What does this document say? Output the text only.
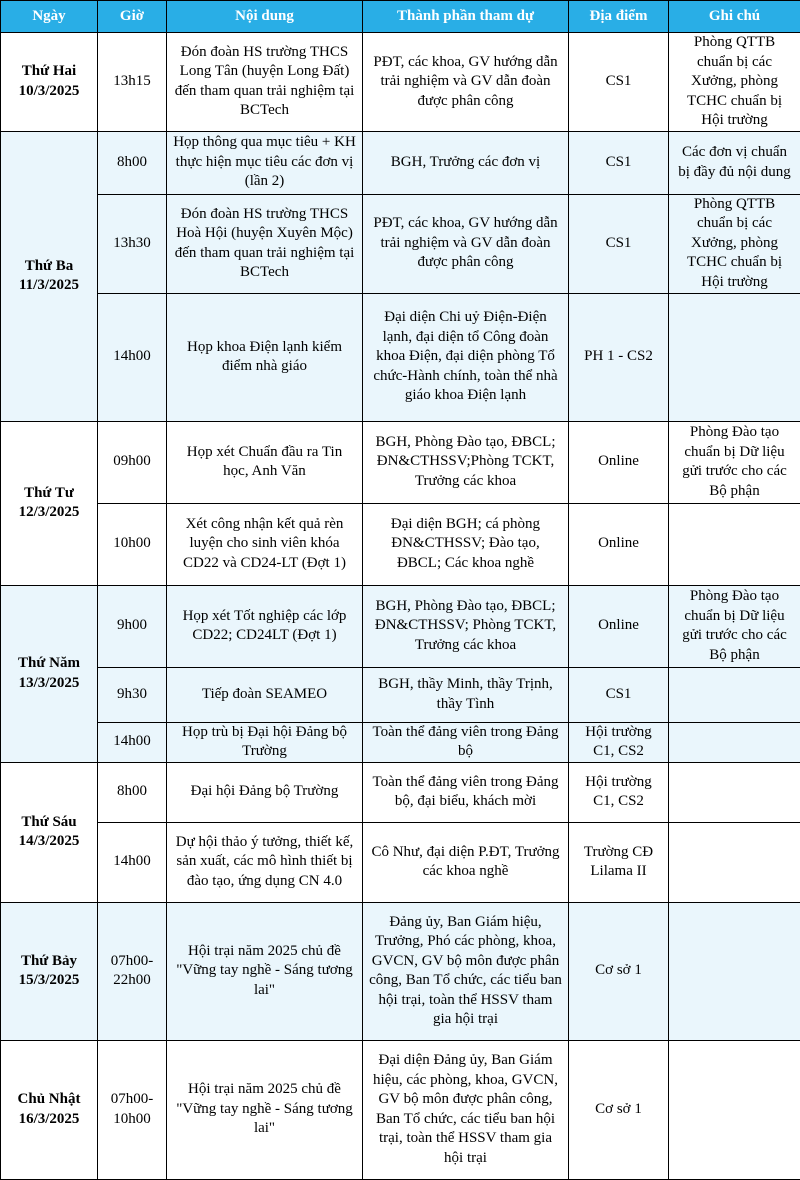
Ngày	Giờ	Nội dung	Thành phần tham dự	Địa điểm	Ghi chú
Thứ Hai
10/3/2025	13h15	Đón đoàn HS trường THCS Long Tân (huyện Long Đất) đến tham quan trải nghiệm tại BCTech	PĐT, các khoa, GV hướng dẫn trải nghiệm và GV dẫn đoàn được phân công	CS1	Phòng QTTB chuẩn bị các Xưởng, phòng TCHC chuẩn bị Hội trường
Thứ Ba
11/3/2025	8h00	Họp thông qua mục tiêu + KH thực hiện mục tiêu các đơn vị (lần 2)	BGH, Trưởng các đơn vị	CS1	Các đơn vị chuẩn bị đầy đủ nội dung
	13h30	Đón đoàn HS trường THCS Hoà Hội (huyện Xuyên Mộc) đến tham quan trải nghiệm tại BCTech	PĐT, các khoa, GV hướng dẫn trải nghiệm và GV dẫn đoàn được phân công	CS1	Phòng QTTB chuẩn bị các Xưởng, phòng TCHC chuẩn bị Hội trường
	14h00	Họp khoa Điện lạnh kiểm điểm nhà giáo	Đại diện Chi uỷ Điện-Điện lạnh, đại diện tổ Công đoàn khoa Điện, đại diện phòng Tổ chức-Hành chính, toàn thể nhà giáo khoa Điện lạnh	PH 1 - CS2	
Thứ Tư
12/3/2025	09h00	Họp xét Chuẩn đầu ra Tin học, Anh Văn	BGH, Phòng Đào tạo, ĐBCL; ĐN&CTHSSV;Phòng TCKT, Trưởng các khoa	Online	Phòng Đào tạo chuẩn bị Dữ liệu gửi trước cho các Bộ phận
	10h00	Xét công nhận kết quả rèn luyện cho sinh viên khóa CD22 và CD24-LT (Đợt 1)	Đại diện BGH; cá phòng ĐN&CTHSSV; Đào tạo, ĐBCL; Các khoa nghề	Online	
Thứ Năm
13/3/2025	9h00	Họp xét Tốt nghiệp các lớp CD22; CD24LT (Đợt 1)	BGH, Phòng Đào tạo, ĐBCL; ĐN&CTHSSV; Phòng TCKT, Trưởng các khoa	Online	Phòng Đào tạo chuẩn bị Dữ liệu gửi trước cho các Bộ phận
	9h30	Tiếp đoàn SEAMEO	BGH, thầy Minh, thầy Trịnh, thầy Tình	CS1	
	14h00	Họp trù bị Đại hội Đảng bộ Trường	Toàn thể đảng viên trong Đảng bộ	Hội trường C1, CS2	
Thứ Sáu
14/3/2025	8h00	Đại hội Đảng bộ Trường	Toàn thể đảng viên trong Đảng bộ, đại biểu, khách mời	Hội trường C1, CS2	
	14h00	Dự hội thảo ý tưởng, thiết kế, sản xuất, các mô hình thiết bị đào tạo, ứng dụng CN 4.0	Cô Như, đại diện P.ĐT, Trưởng các khoa nghề	Trường CĐ Lilama II	
Thứ Bảy
15/3/2025	07h00-22h00	Hội trại năm 2025 chủ đề "Vững tay nghề - Sáng tương lai"	Đảng ủy, Ban Giám hiệu, Trưởng, Phó các phòng, khoa, GVCN, GV bộ môn được phân công, Ban Tổ chức, các tiểu ban hội trại, toàn thể HSSV tham gia hội trại	Cơ sở 1	
Chủ Nhật
16/3/2025	07h00-10h00	Hội trại năm 2025 chủ đề "Vững tay nghề - Sáng tương lai"	Đại diện Đảng ủy, Ban Giám hiệu, các phòng, khoa, GVCN, GV bộ môn được phân công, Ban Tổ chức, các tiểu ban hội trại, toàn thể HSSV tham gia hội trại	Cơ sở 1	
